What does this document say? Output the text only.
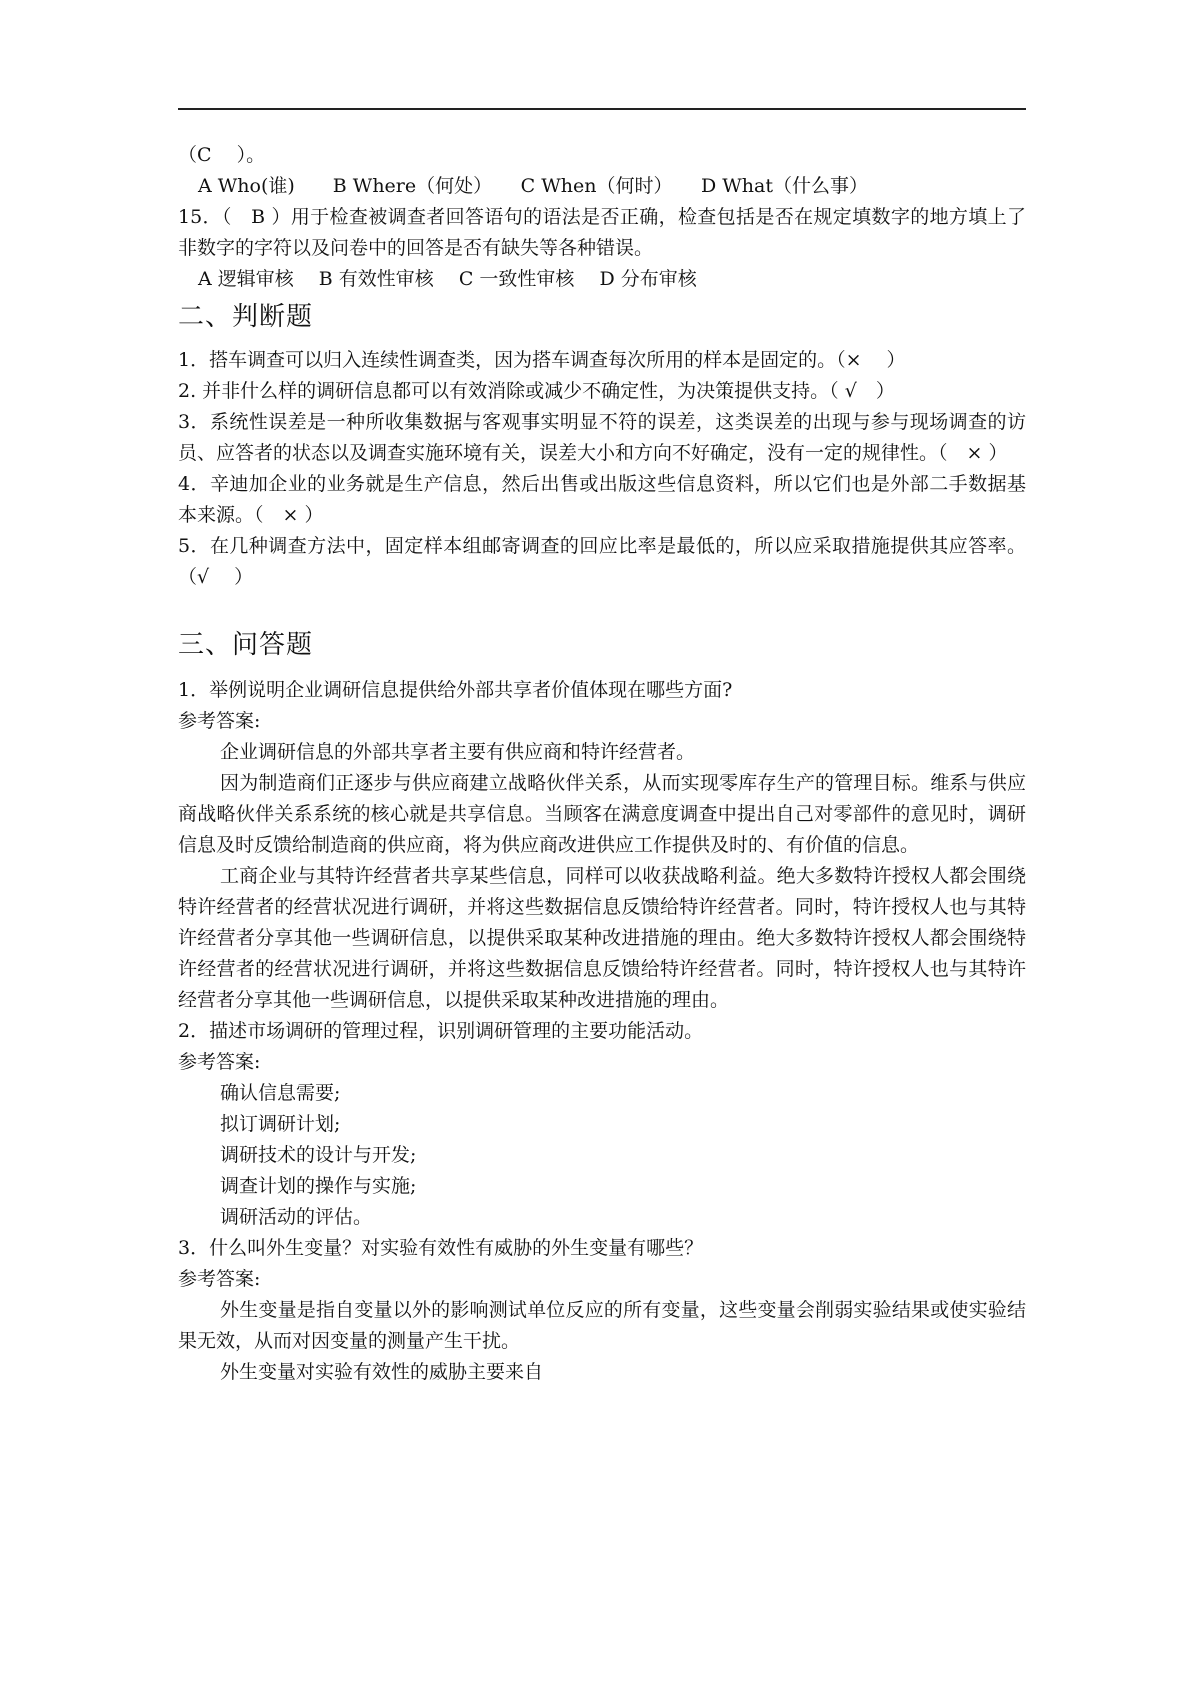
（C　 ）。
A Who(谁)　　B Where（何处）　　C When（何时）　　D What（什么事）
15．（　B ）用于检查被调查者回答语句的语法是否正确，检查包括是否在规定填数字的地方填上了非数字的字符以及问卷中的回答是否有缺失等各种错误。
A 逻辑审核　 B 有效性审核　 C 一致性审核　 D 分布审核
二、判断题
1．搭车调查可以归入连续性调查类，因为搭车调查每次所用的样本是固定的。（×　 ）
2. 并非什么样的调研信息都可以有效消除或减少不确定性，为决策提供支持。（ √　）
3．系统性误差是一种所收集数据与客观事实明显不符的误差，这类误差的出现与参与现场调查的访员、应答者的状态以及调查实施环境有关，误差大小和方向不好确定，没有一定的规律性。（　× ）
4．辛迪加企业的业务就是生产信息，然后出售或出版这些信息资料，所以它们也是外部二手数据基本来源。（　× ）
5．在几种调查方法中，固定样本组邮寄调查的回应比率是最低的，所以应采取措施提供其应答率。（√　 ）
三、问答题
1．举例说明企业调研信息提供给外部共享者价值体现在哪些方面?
参考答案:
企业调研信息的外部共享者主要有供应商和特许经营者。
因为制造商们正逐步与供应商建立战略伙伴关系，从而实现零库存生产的管理目标。维系与供应商战略伙伴关系系统的核心就是共享信息。当顾客在满意度调查中提出自己对零部件的意见时，调研信息及时反馈给制造商的供应商，将为供应商改进供应工作提供及时的、有价值的信息。
工商企业与其特许经营者共享某些信息，同样可以收获战略利益。绝大多数特许授权人都会围绕特许经营者的经营状况进行调研，并将这些数据信息反馈给特许经营者。同时，特许授权人也与其特许经营者分享其他一些调研信息，以提供采取某种改进措施的理由。绝大多数特许授权人都会围绕特许经营者的经营状况进行调研，并将这些数据信息反馈给特许经营者。同时，特许授权人也与其特许经营者分享其他一些调研信息，以提供采取某种改进措施的理由。
2．描述市场调研的管理过程，识别调研管理的主要功能活动。
参考答案:
确认信息需要;
拟订调研计划;
调研技术的设计与开发;
调查计划的操作与实施;
调研活动的评估。
3．什么叫外生变量？对实验有效性有威胁的外生变量有哪些？
参考答案:
外生变量是指自变量以外的影响测试单位反应的所有变量，这些变量会削弱实验结果或使实验结果无效，从而对因变量的测量产生干扰。
外生变量对实验有效性的威胁主要来自
